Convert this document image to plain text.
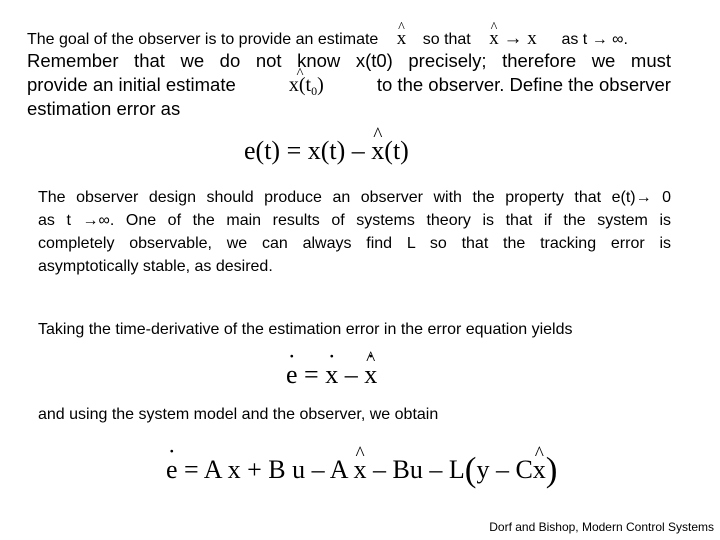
The goal of the observer is to provide an estimate ^ x so that ^ x → x as t → ∞.
Remember that we do not know x(t0) precisely; therefore we must
provide an initial estimate	^ $x(t_0)$	to the observer. Define the observer
estimation error as
e(t) = x(t) – ^ x(t)
The observer design should produce an observer with the property that e(t)→ 0
as t →∞. One of the main results of systems theory is that if the system is
completely observable, we can always find L so that the tracking error is
asymptotically stable, as desired.
Taking the time-derivative of the estimation error in the error equation yields
· e = · x – · ^ x
and using the system model and the observer, we obtain
· e = A x + B u – A ^ x – Bu – L(y – C^ x)
Dorf and Bishop, Modern Control Systems
